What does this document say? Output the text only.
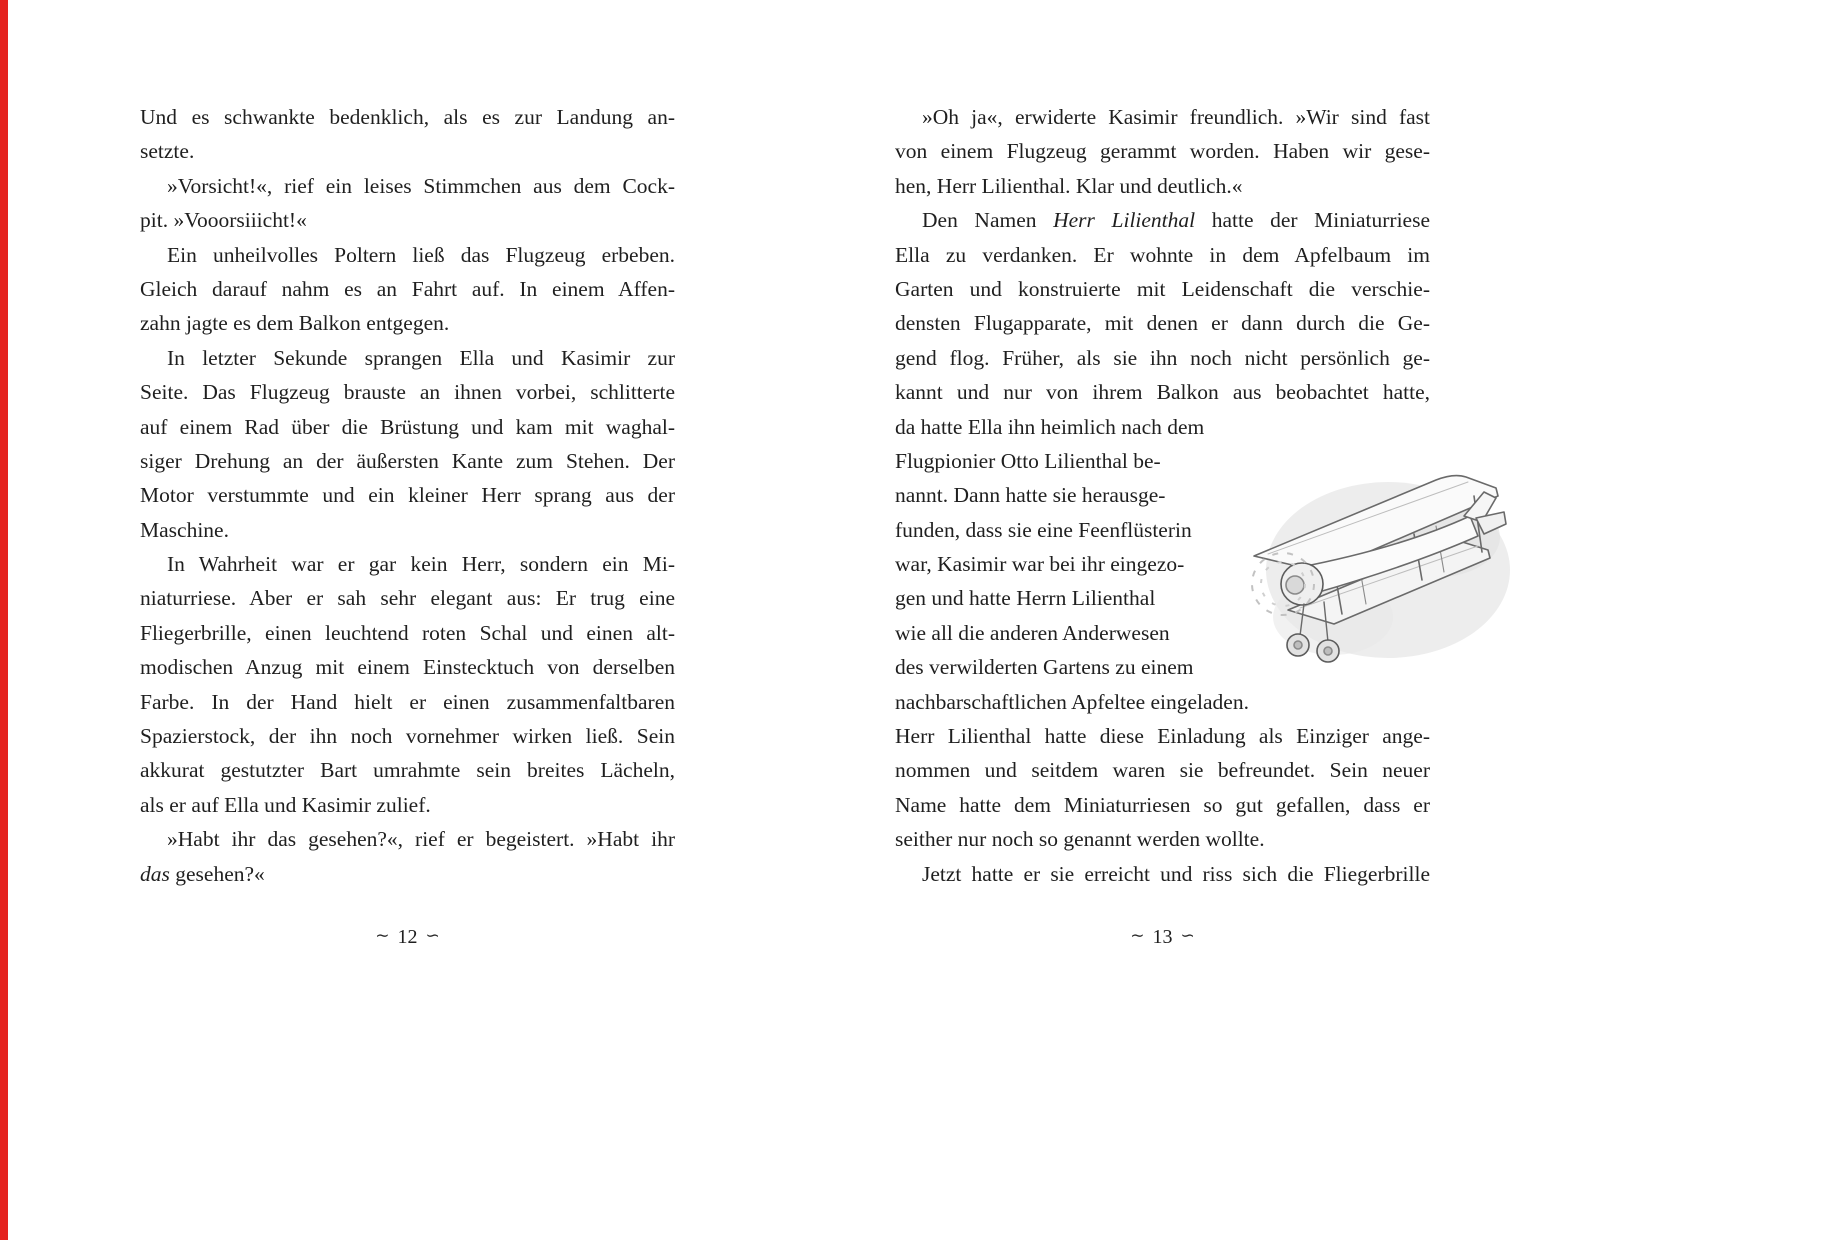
Und es schwankte bedenklich, als es zur Landung an-
setzte.
»Vorsicht!«, rief ein leises Stimmchen aus dem Cock-
pit. »Vooorsiiicht!«
Ein unheilvolles Poltern ließ das Flugzeug erbeben.
Gleich darauf nahm es an Fahrt auf. In einem Affen-
zahn jagte es dem Balkon entgegen.
In letzter Sekunde sprangen Ella und Kasimir zur
Seite. Das Flugzeug brauste an ihnen vorbei, schlitterte
auf einem Rad über die Brüstung und kam mit waghal-
siger Drehung an der äußersten Kante zum Stehen. Der
Motor verstummte und ein kleiner Herr sprang aus der
Maschine.
In Wahrheit war er gar kein Herr, sondern ein Mi-
niaturriese. Aber er sah sehr elegant aus: Er trug eine
Fliegerbrille, einen leuchtend roten Schal und einen alt-
modischen Anzug mit einem Einstecktuch von derselben
Farbe. In der Hand hielt er einen zusammenfaltbaren
Spazierstock, der ihn noch vornehmer wirken ließ. Sein
akkurat gestutzter Bart umrahmte sein breites Lächeln,
als er auf Ella und Kasimir zulief.
»Habt ihr das gesehen?«, rief er begeistert. »Habt ihr
das gesehen?«
»Oh ja«, erwiderte Kasimir freundlich. »Wir sind fast
von einem Flugzeug gerammt worden. Haben wir gese-
hen, Herr Lilienthal. Klar und deutlich.«
Den Namen Herr Lilienthal hatte der Miniaturriese
Ella zu verdanken. Er wohnte in dem Apfelbaum im
Garten und konstruierte mit Leidenschaft die verschie-
densten Flugapparate, mit denen er dann durch die Ge-
gend flog. Früher, als sie ihn noch nicht persönlich ge-
kannt und nur von ihrem Balkon aus beobachtet hatte,
da hatte Ella ihn heimlich nach dem
Flugpionier Otto Lilienthal be-
nannt. Dann hatte sie herausge-
funden, dass sie eine Feenflüsterin
war, Kasimir war bei ihr eingezo-
gen und hatte Herrn Lilienthal
wie all die anderen Anderwesen
des verwilderten Gartens zu einem
nachbarschaftlichen Apfeltee eingeladen.
Herr Lilienthal hatte diese Einladung als Einziger ange-
nommen und seitdem waren sie befreundet. Sein neuer
Name hatte dem Miniaturriesen so gut gefallen, dass er
seither nur noch so genannt werden wollte.
Jetzt hatte er sie erreicht und riss sich die Fliegerbrille
∼ 12 ∽	∼ 13 ∽
